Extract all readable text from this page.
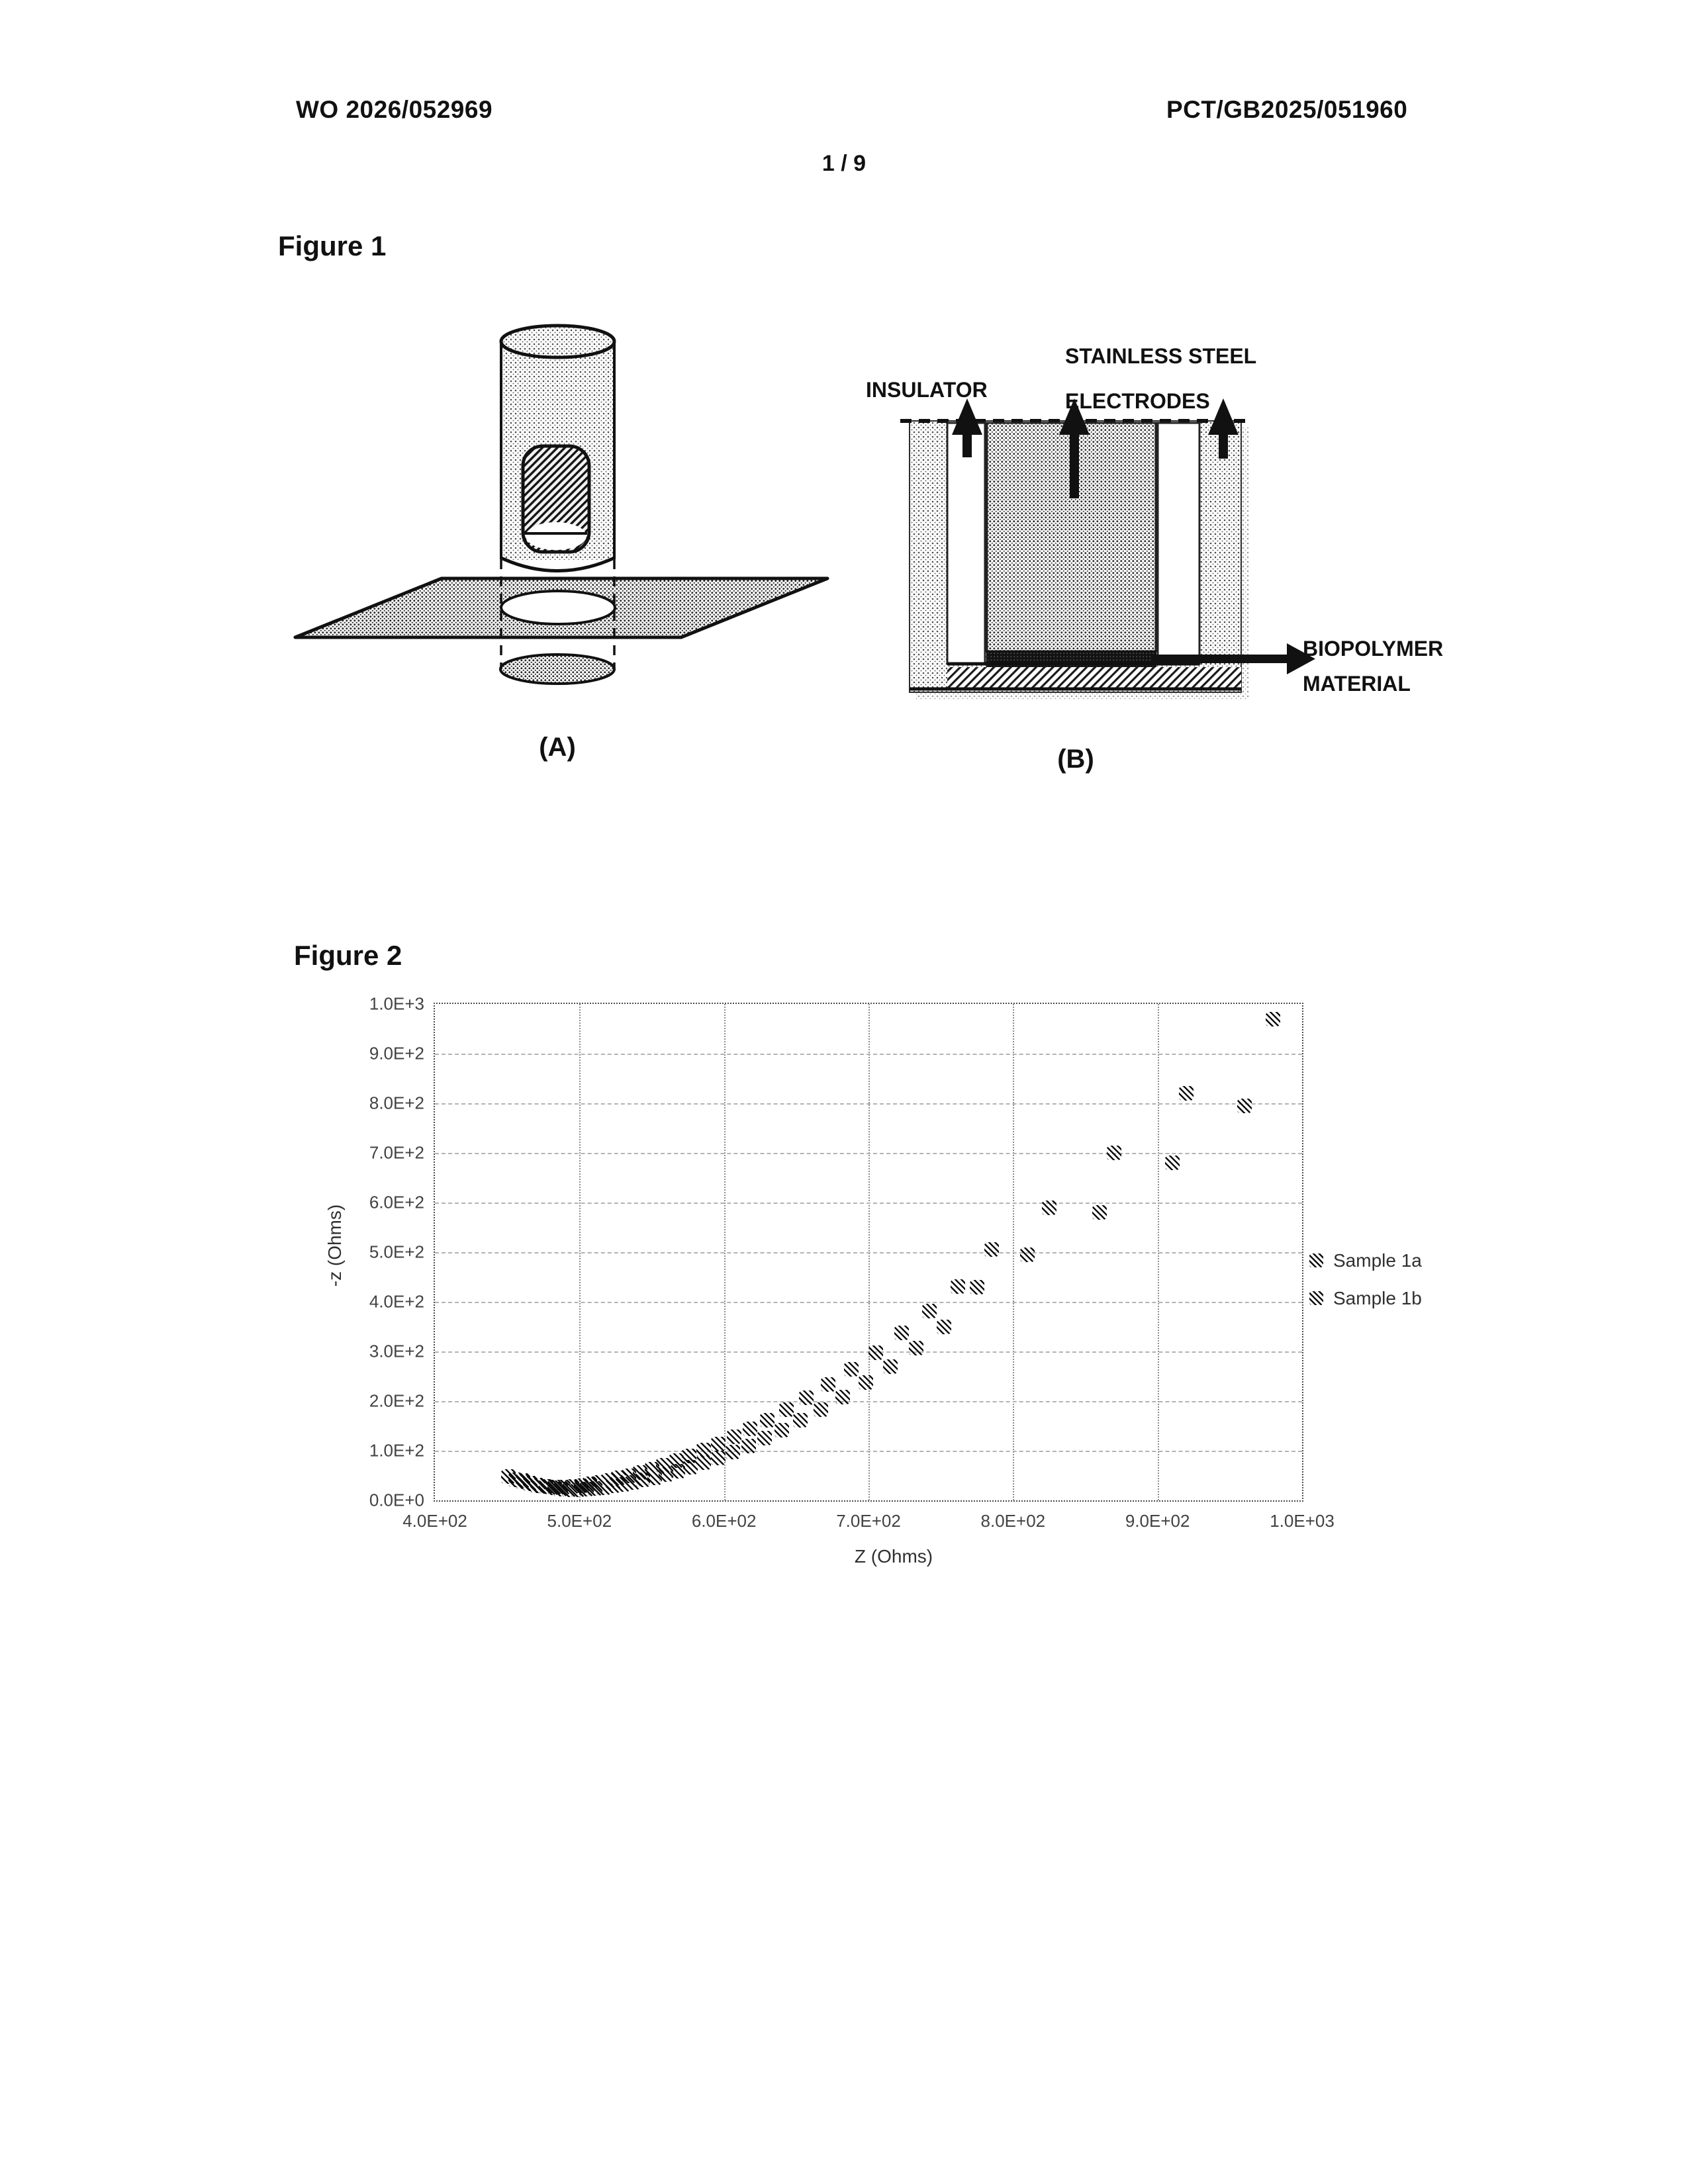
WO 2026/052969	PCT/GB2025/051960
1 / 9
Figure 1
(A)
INSULATOR
STAINLESS STEEL
ELECTRODES
BIOPOLYMER
MATERIAL
(B)
Figure 2
4.0E+02	5.0E+02	6.0E+02	7.0E+02	8.0E+02	9.0E+02	1.0E+03
0.0E+0
1.0E+2
2.0E+2
3.0E+2
4.0E+2
5.0E+2
6.0E+2
7.0E+2
8.0E+2
9.0E+2
1.0E+3
Z (Ohms)
-z (Ohms)	Sample 1a
Sample 1b
